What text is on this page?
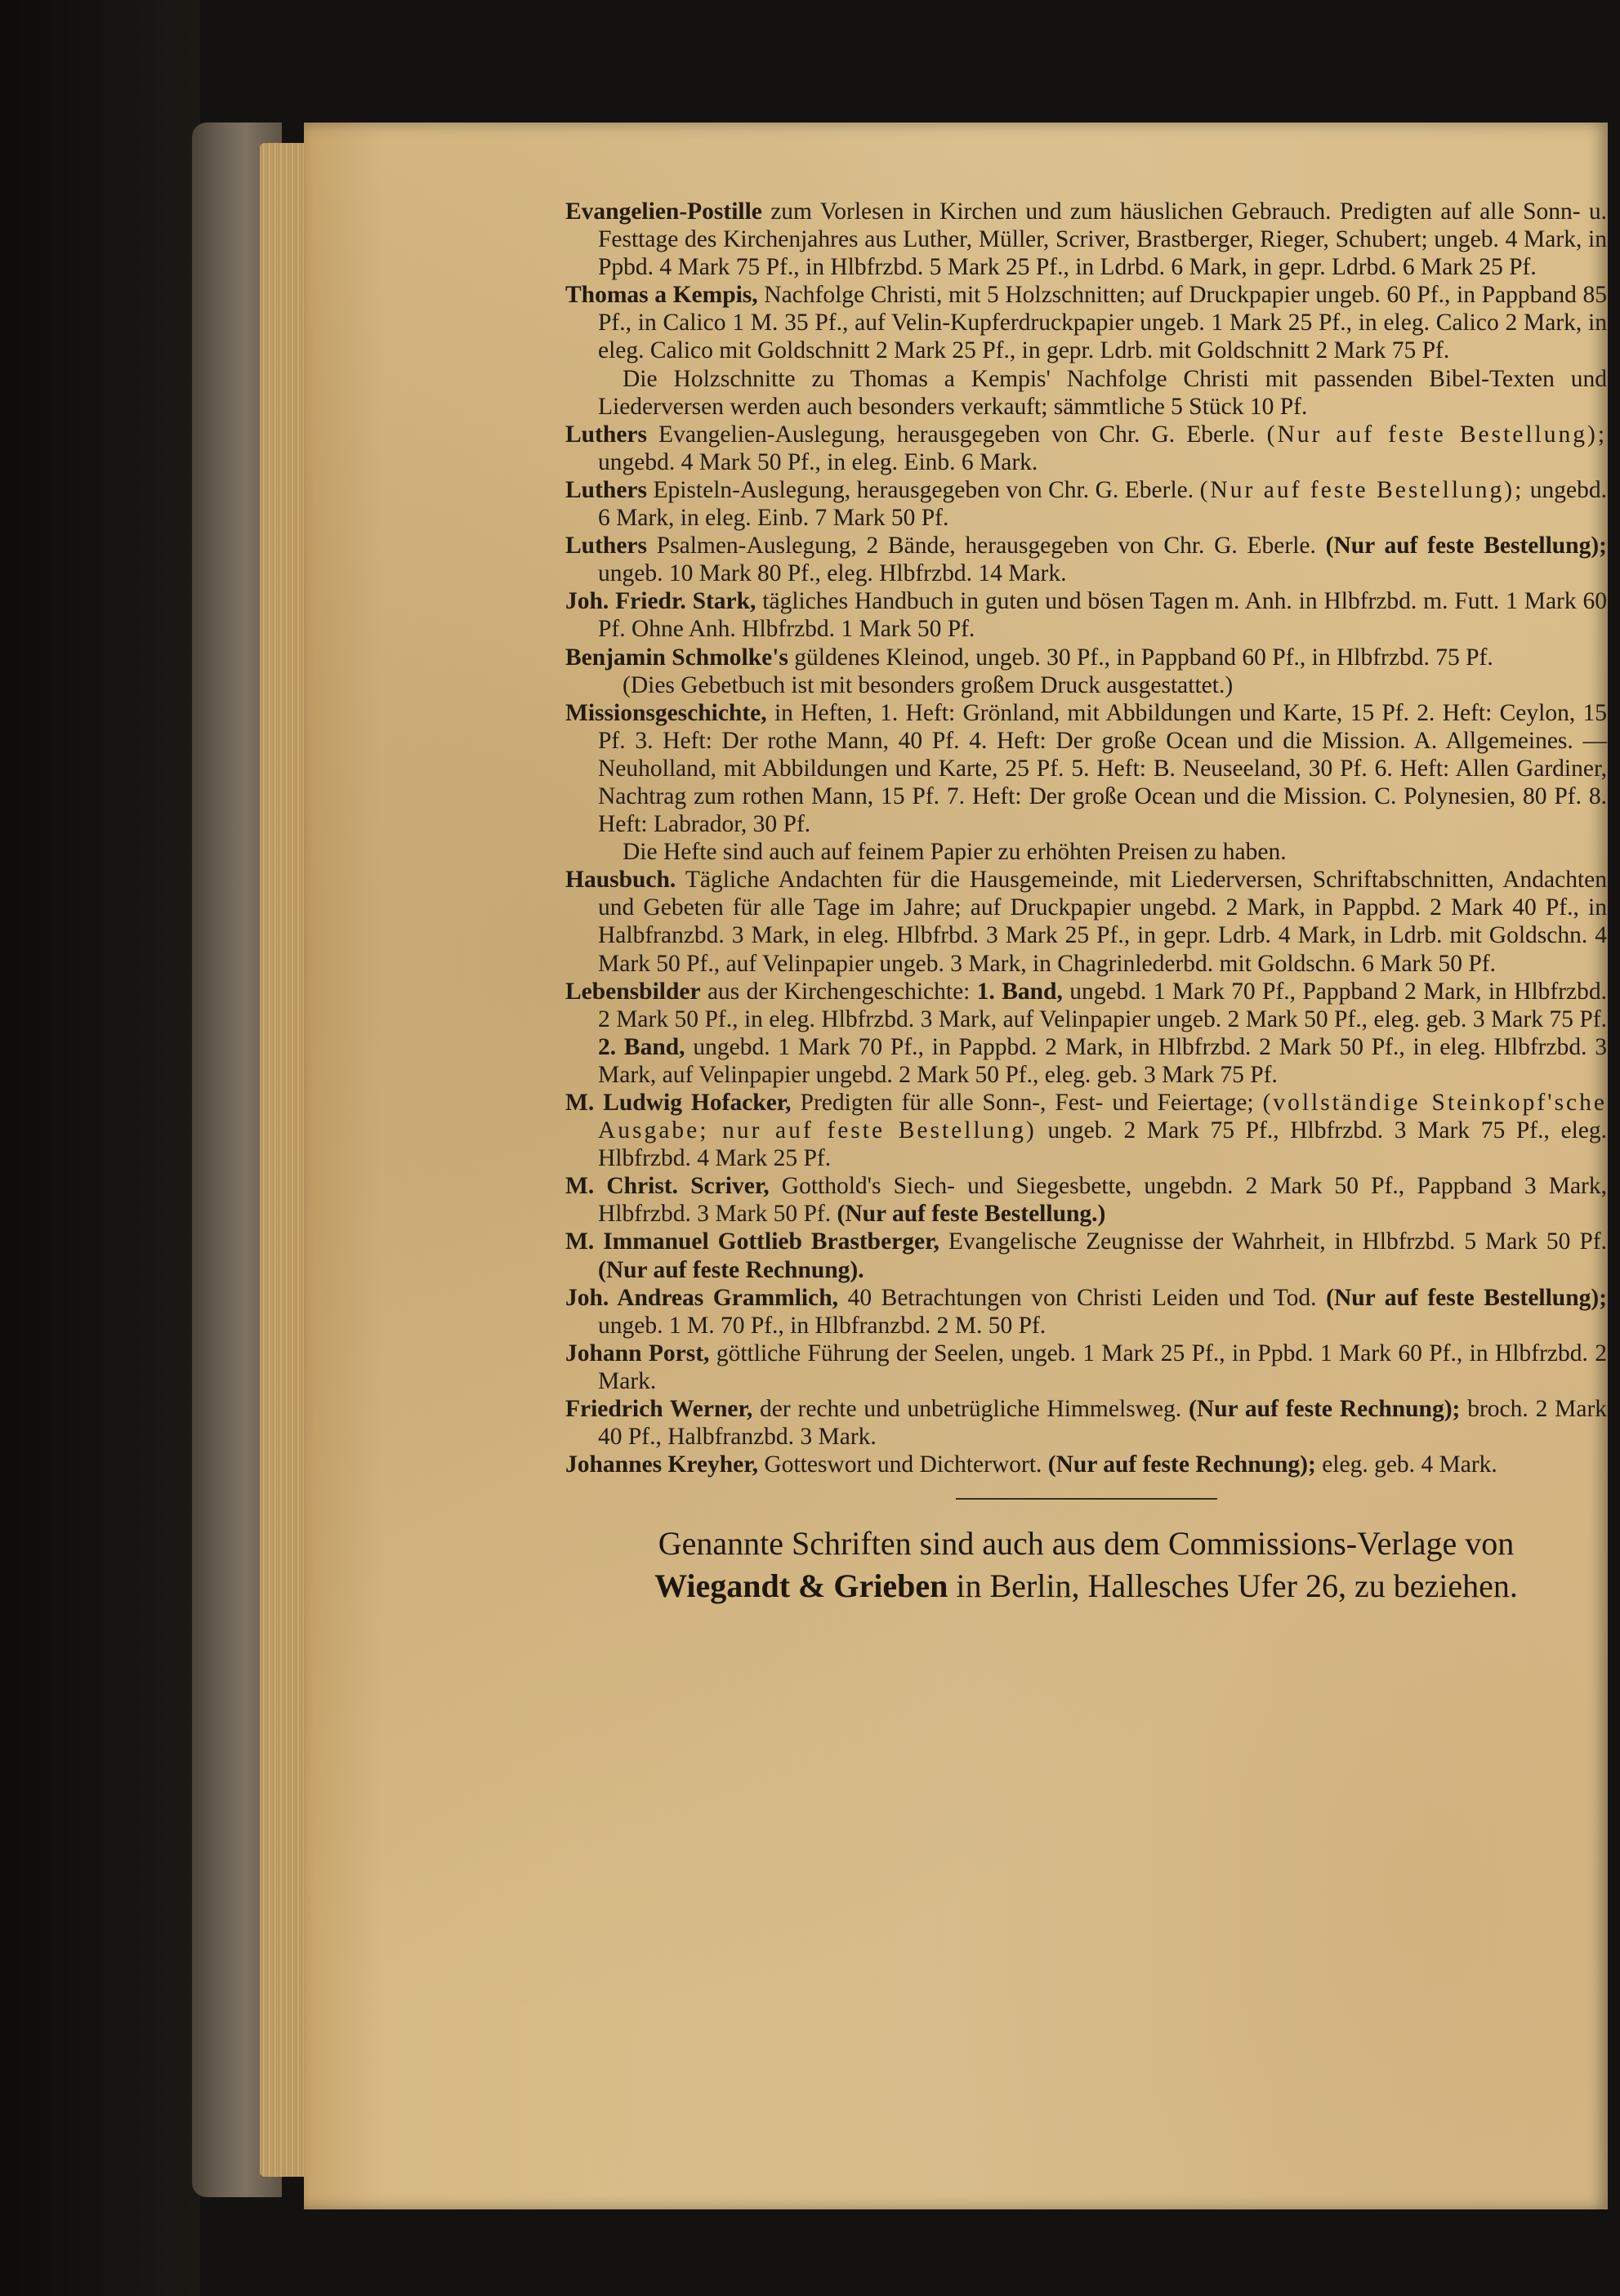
Evangelien-Postille zum Vorlesen in Kirchen und zum häuslichen Gebrauch. Predigten auf alle Sonn- u. Festtage des Kirchenjahres aus Luther, Müller, Scriver, Brastberger, Rieger, Schubert; ungeb. 4 Mark, in Ppbd. 4 Mark 75 Pf., in Hlbfrzbd. 5 Mark 25 Pf., in Ldrbd. 6 Mark, in gepr. Ldrbd. 6 Mark 25 Pf.

Thomas a Kempis, Nachfolge Christi, mit 5 Holzschnitten; auf Druckpapier ungeb. 60 Pf., in Pappband 85 Pf., in Calico 1 M. 35 Pf., auf Velin-Kupferdruckpapier ungeb. 1 Mark 25 Pf., in eleg. Calico 2 Mark, in eleg. Calico mit Goldschnitt 2 Mark 25 Pf., in gepr. Ldrb. mit Goldschnitt 2 Mark 75 Pf.

Die Holzschnitte zu Thomas a Kempis' Nachfolge Christi mit passenden Bibel-Texten und Liederversen werden auch besonders verkauft; sämmtliche 5 Stück 10 Pf.

Luthers Evangelien-Auslegung, herausgegeben von Chr. G. Eberle. (Nur auf feste Bestellung); ungebd. 4 Mark 50 Pf., in eleg. Einb. 6 Mark.

Luthers Episteln-Auslegung, herausgegeben von Chr. G. Eberle. (Nur auf feste Bestellung); ungebd. 6 Mark, in eleg. Einb. 7 Mark 50 Pf.

Luthers Psalmen-Auslegung, 2 Bände, herausgegeben von Chr. G. Eberle. (Nur auf feste Bestellung); ungeb. 10 Mark 80 Pf., eleg. Hlbfrzbd. 14 Mark.

Joh. Friedr. Stark, tägliches Handbuch in guten und bösen Tagen m. Anh. in Hlbfrzbd. m. Futt. 1 Mark 60 Pf. Ohne Anh. Hlbfrzbd. 1 Mark 50 Pf.

Benjamin Schmolke's güldenes Kleinod, ungeb. 30 Pf., in Pappband 60 Pf., in Hlbfrzbd. 75 Pf.

(Dies Gebetbuch ist mit besonders großem Druck ausgestattet.)

Missionsgeschichte, in Heften, 1. Heft: Grönland, mit Abbildungen und Karte, 15 Pf. 2. Heft: Ceylon, 15 Pf. 3. Heft: Der rothe Mann, 40 Pf. 4. Heft: Der große Ocean und die Mission. A. Allgemeines. — Neuholland, mit Abbildungen und Karte, 25 Pf. 5. Heft: B. Neuseeland, 30 Pf. 6. Heft: Allen Gardiner, Nachtrag zum rothen Mann, 15 Pf. 7. Heft: Der große Ocean und die Mission. C. Polynesien, 80 Pf. 8. Heft: Labrador, 30 Pf.

Die Hefte sind auch auf feinem Papier zu erhöhten Preisen zu haben.

Hausbuch. Tägliche Andachten für die Hausgemeinde, mit Liederversen, Schriftabschnitten, Andachten und Gebeten für alle Tage im Jahre; auf Druckpapier ungebd. 2 Mark, in Pappbd. 2 Mark 40 Pf., in Halbfranzbd. 3 Mark, in eleg. Hlbfrbd. 3 Mark 25 Pf., in gepr. Ldrb. 4 Mark, in Ldrb. mit Goldschn. 4 Mark 50 Pf., auf Velinpapier ungeb. 3 Mark, in Chagrinlederbd. mit Goldschn. 6 Mark 50 Pf.

Lebensbilder aus der Kirchengeschichte: 1. Band, ungebd. 1 Mark 70 Pf., Pappband 2 Mark, in Hlbfrzbd. 2 Mark 50 Pf., in eleg. Hlbfrzbd. 3 Mark, auf Velinpapier ungeb. 2 Mark 50 Pf., eleg. geb. 3 Mark 75 Pf. 2. Band, ungebd. 1 Mark 70 Pf., in Pappbd. 2 Mark, in Hlbfrzbd. 2 Mark 50 Pf., in eleg. Hlbfrzbd. 3 Mark, auf Velinpapier ungebd. 2 Mark 50 Pf., eleg. geb. 3 Mark 75 Pf.

M. Ludwig Hofacker, Predigten für alle Sonn-, Fest- und Feiertage; (vollständige Steinkopf'sche Ausgabe; nur auf feste Bestellung) ungeb. 2 Mark 75 Pf., Hlbfrzbd. 3 Mark 75 Pf., eleg. Hlbfrzbd. 4 Mark 25 Pf.

M. Christ. Scriver, Gotthold's Siech- und Siegesbette, ungebdn. 2 Mark 50 Pf., Pappband 3 Mark, Hlbfrzbd. 3 Mark 50 Pf. (Nur auf feste Bestellung.)

M. Immanuel Gottlieb Brastberger, Evangelische Zeugnisse der Wahrheit, in Hlbfrzbd. 5 Mark 50 Pf. (Nur auf feste Rechnung).

Joh. Andreas Grammlich, 40 Betrachtungen von Christi Leiden und Tod. (Nur auf feste Bestellung); ungeb. 1 M. 70 Pf., in Hlbfranzbd. 2 M. 50 Pf.

Johann Porst, göttliche Führung der Seelen, ungeb. 1 Mark 25 Pf., in Ppbd. 1 Mark 60 Pf., in Hlbfrzbd. 2 Mark.

Friedrich Werner, der rechte und unbetrügliche Himmelsweg. (Nur auf feste Rechnung); broch. 2 Mark 40 Pf., Halbfranzbd. 3 Mark.

Johannes Kreyher, Gotteswort und Dichterwort. (Nur auf feste Rechnung); eleg. geb. 4 Mark.

Genannte Schriften sind auch aus dem Commissions-Verlage von
Wiegandt & Grieben in Berlin, Hallesches Ufer 26, zu beziehen.
